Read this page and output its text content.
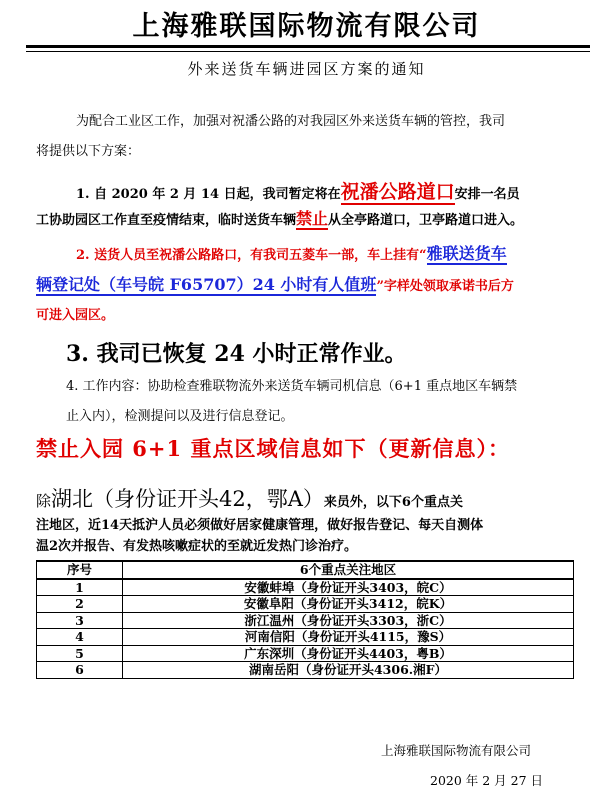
上海雅联国际物流有限公司
外来送货车辆进园区方案的通知
为配合工业区工作，加强对祝潘公路的对我园区外来送货车辆的管控，我司
将提供以下方案：
1. 自 2020 年 2 月 14 日起，我司暂定将在祝潘公路道口安排一名员
工协助园区工作直至疫情结束，临时送货车辆禁止从全亭路道口，卫亭路道口进入。
2. 送货人员至祝潘公路路口，有我司五菱车一部，车上挂有“雅联送货车
辆登记处（车号皖 F65707）24 小时有人值班”字样处领取承诺书后方
可进入园区。
3. 我司已恢复 24 小时正常作业。
4. 工作内容：协助检查雅联物流外来送货车辆司机信息（6+1 重点地区车辆禁
止入内），检测提问以及进行信息登记。
禁止入园 6+1 重点区域信息如下（更新信息）：
除湖北（身份证开头42，鄂A）来员外，以下6个重点关
注地区，近14天抵沪人员必须做好居家健康管理，做好报告登记、每天自测体
温2次并报告、有发热咳嗽症状的至就近发热门诊治疗。
序号	6个重点关注地区
1	安徽蚌埠（身份证开头3403，皖C）
2	安徽阜阳（身份证开头3412，皖K）
3	浙江温州（身份证开头3303，浙C）
4	河南信阳（身份证开头4115，豫S）
5	广东深圳（身份证开头4403，粤B）
6	湖南岳阳（身份证开头4306.湘F）
上海雅联国际物流有限公司
2020 年 2 月 27 日
